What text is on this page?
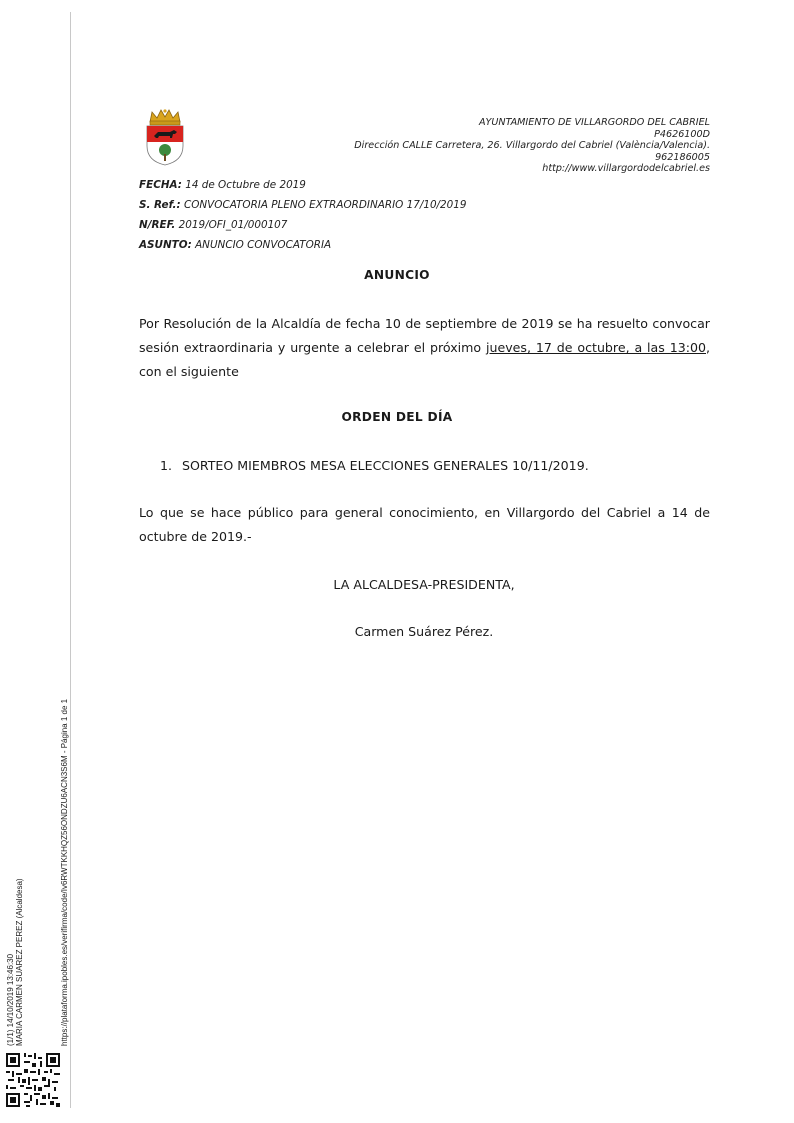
AYUNTAMIENTO DE VILLARGORDO DEL CABRIEL
P4626100D
Dirección CALLE Carretera, 26. Villargordo del Cabriel (València/Valencia).
962186005
http://www.villargordodelcabriel.es
FECHA: 14 de Octubre de 2019
S. Ref.: CONVOCATORIA PLENO EXTRAORDINARIO 17/10/2019
N/REF. 2019/OFI_01/000107
ASUNTO: ANUNCIO CONVOCATORIA
ANUNCIO
Por Resolución de la Alcaldía de fecha 10 de septiembre de 2019 se ha resuelto convocar sesión extraordinaria y urgente a celebrar el próximo jueves, 17 de octubre, a las 13:00, con el siguiente
ORDEN DEL DÍA
1. SORTEO MIEMBROS MESA ELECCIONES GENERALES 10/11/2019.
Lo que se hace público para general conocimiento, en Villargordo del Cabriel a 14 de octubre de 2019.-
LA ALCALDESA-PRESIDENTA,
Carmen Suárez Pérez.
(1/1) 14/10/2019 13:46:30 MARIA CARMEN SUAREZ PEREZ (Alcaldesa)	https://plataforma.ipobles.es/verifirma/code/Iv6RWTKKHQZ56ONDZU6ACN3S6M - Página 1 de 1
